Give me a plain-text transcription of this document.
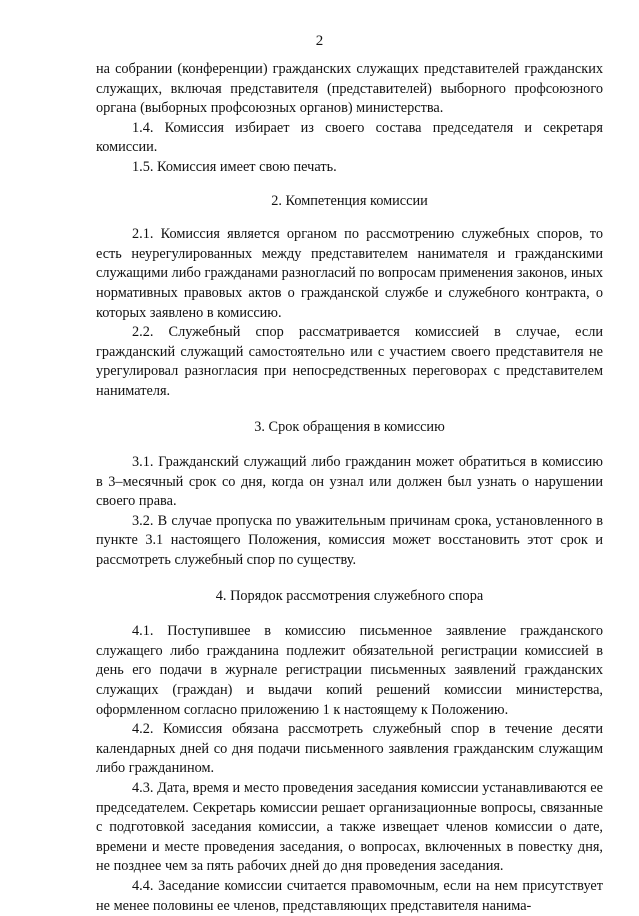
2

на собрании (конференции) гражданских служащих представителей гражданских служащих, включая представителя (представителей) выборного профсоюзного органа (выборных профсоюзных органов) министерства.

1.4. Комиссия избирает из своего состава председателя и секретаря комиссии.

1.5. Комиссия имеет свою печать.

2. Компетенция комиссии

2.1. Комиссия является органом по рассмотрению служебных споров, то есть неурегулированных между представителем нанимателя и гражданскими служащими либо гражданами разногласий по вопросам применения законов, иных нормативных правовых актов о гражданской службе и служебного контракта, о которых заявлено в комиссию.

2.2. Служебный спор рассматривается комиссией в случае, если гражданский служащий самостоятельно или с участием своего представителя не урегулировал разногласия при непосредственных переговорах с представителем нанимателя.

3. Срок обращения в комиссию

3.1. Гражданский служащий либо гражданин может обратиться в комиссию в 3–месячный срок со дня, когда он узнал или должен был узнать о нарушении своего права.

3.2. В случае пропуска по уважительным причинам срока, установленного в пункте 3.1 настоящего Положения, комиссия может восстановить этот срок и рассмотреть служебный спор по существу.

4. Порядок рассмотрения служебного спора

4.1. Поступившее в комиссию письменное заявление гражданского служащего либо гражданина подлежит обязательной регистрации комиссией в день его подачи в журнале регистрации письменных заявлений гражданских служащих (граждан) и выдачи копий решений комиссии министерства, оформленном согласно приложению 1 к настоящему к Положению.

4.2. Комиссия обязана рассмотреть служебный спор в течение десяти календарных дней со дня подачи письменного заявления гражданским служащим либо гражданином.

4.3. Дата, время и место проведения заседания комиссии устанавливаются ее председателем. Секретарь комиссии решает организационные вопросы, связанные с подготовкой заседания комиссии, а также извещает членов комиссии о дате, времени и месте проведения заседания, о вопросах, включенных в повестку дня, не позднее чем за пять рабочих дней до дня проведения заседания.

4.4. Заседание комиссии считается правомочным, если на нем присутствует не менее половины ее членов, представляющих представителя нанима-
